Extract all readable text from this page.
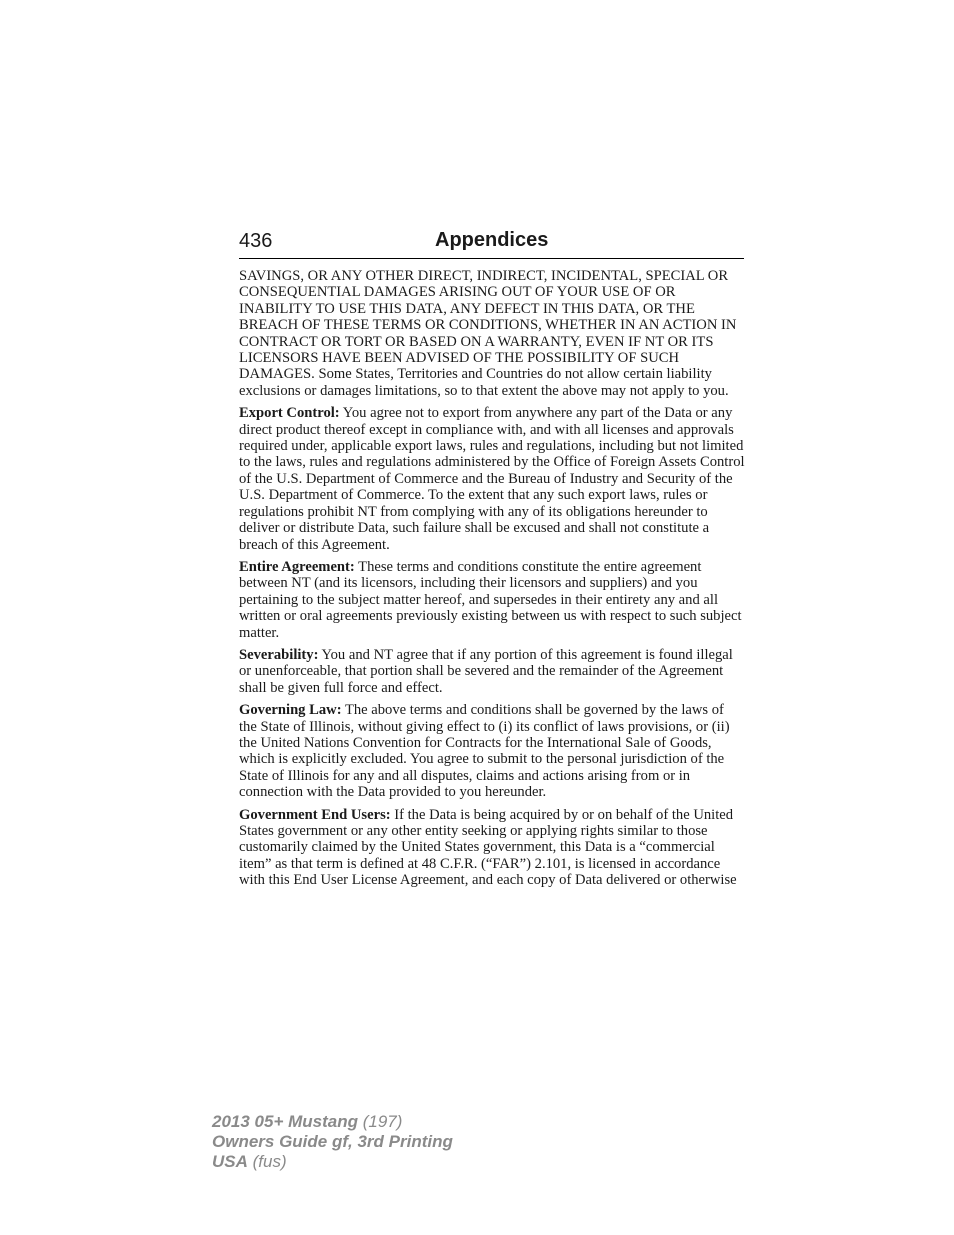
436	Appendices

SAVINGS, OR ANY OTHER DIRECT, INDIRECT, INCIDENTAL, SPECIAL OR CONSEQUENTIAL DAMAGES ARISING OUT OF YOUR USE OF OR INABILITY TO USE THIS DATA, ANY DEFECT IN THIS DATA, OR THE BREACH OF THESE TERMS OR CONDITIONS, WHETHER IN AN ACTION IN CONTRACT OR TORT OR BASED ON A WARRANTY, EVEN IF NT OR ITS LICENSORS HAVE BEEN ADVISED OF THE POSSIBILITY OF SUCH DAMAGES. Some States, Territories and Countries do not allow certain liability exclusions or damages limitations, so to that extent the above may not apply to you.

Export Control: You agree not to export from anywhere any part of the Data or any direct product thereof except in compliance with, and with all licenses and approvals required under, applicable export laws, rules and regulations, including but not limited to the laws, rules and regulations administered by the Office of Foreign Assets Control of the U.S. Department of Commerce and the Bureau of Industry and Security of the U.S. Department of Commerce. To the extent that any such export laws, rules or regulations prohibit NT from complying with any of its obligations hereunder to deliver or distribute Data, such failure shall be excused and shall not constitute a breach of this Agreement.

Entire Agreement: These terms and conditions constitute the entire agreement between NT (and its licensors, including their licensors and suppliers) and you pertaining to the subject matter hereof, and supersedes in their entirety any and all written or oral agreements previously existing between us with respect to such subject matter.

Severability: You and NT agree that if any portion of this agreement is found illegal or unenforceable, that portion shall be severed and the remainder of the Agreement shall be given full force and effect.

Governing Law: The above terms and conditions shall be governed by the laws of the State of Illinois, without giving effect to (i) its conflict of laws provisions, or (ii) the United Nations Convention for Contracts for the International Sale of Goods, which is explicitly excluded. You agree to submit to the personal jurisdiction of the State of Illinois for any and all disputes, claims and actions arising from or in connection with the Data provided to you hereunder.

Government End Users: If the Data is being acquired by or on behalf of the United States government or any other entity seeking or applying rights similar to those customarily claimed by the United States government, this Data is a “commercial item” as that term is defined at 48 C.F.R. (“FAR”) 2.101, is licensed in accordance with this End User License Agreement, and each copy of Data delivered or otherwise

2013 05+ Mustang (197)
Owners Guide gf, 3rd Printing
USA (fus)
